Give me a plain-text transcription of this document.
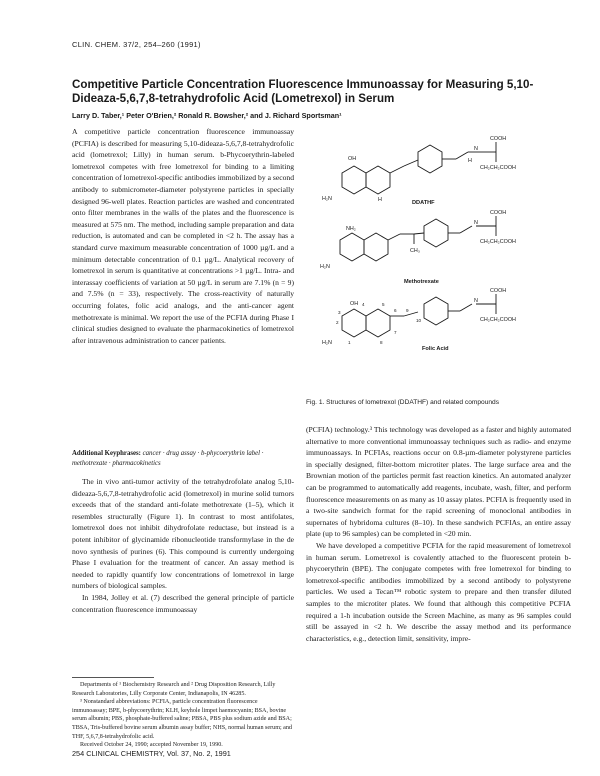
CLIN. CHEM. 37/2, 254–260 (1991)
Competitive Particle Concentration Fluorescence Immunoassay for Measuring 5,10-Dideaza-5,6,7,8-tetrahydrofolic Acid (Lometrexol) in Serum
Larry D. Taber,¹ Peter O'Brien,² Ronald R. Bowsher,² and J. Richard Sportsman¹
A competitive particle concentration fluorescence immunoassay (PCFIA) is described for measuring 5,10-dideaza-5,6,7,8-tetrahydrofolic acid (lometrexol; Lilly) in human serum. b-Phycoerythrin-labeled lometrexol competes with free lometrexol for binding to a limiting concentration of lometrexol-specific antibodies immobilized by a second antibody to submicrometer-diameter polystyrene particles in specially designed 96-well plates. Reaction particles are washed and concentrated onto filter membranes in the walls of the plates and the fluorescence is measured at 575 nm. The method, including sample preparation and data reduction, is automated and can be completed in <2 h. The assay has a standard curve maximum measurable concentration of 1000 µg/L and a minimum detectable concentration of 0.1 µg/L. Analytical recovery of lometrexol in serum is quantitative at concentrations >1 µg/L. Intra- and interassay coefficients of variation at 50 µg/L in serum are 7.1% (n = 9) and 7.5% (n = 33), respectively. The cross-reactivity of naturally occurring folates, folic acid analogs, and the anti-cancer agent methotrexate is minimal. We report the use of the PCFIA during Phase I clinical studies designed to evaluate the pharmacokinetics of lometrexol after intravenous administration to cancer patients.
Additional Keyphrases: cancer · drug assay · b-phycoerythrin label · methotrexate · pharmacokinetics

The in vivo anti-tumor activity of the tetrahydrofolate analog 5,10-dideaza-5,6,7,8-tetrahydrofolic acid (lometrexol) in murine solid tumors exceeds that of the standard anti-folate methotrexate (1–5), which it resembles structurally (Figure 1). In contrast to most antifolates, lometrexol does not inhibit dihydrofolate reductase, but instead is a potent inhibitor of glycinamide ribonucleotide transformylase in the de novo synthesis of purines (6). This compound is currently undergoing Phase I evaluation for the treatment of cancer. An assay method is needed to rapidly quantify low concentrations of lometrexol in large numbers of biological samples.

In 1984, Jolley et al. (7) described the general principle of particle concentration fluorescence immunoassay

Departments of ¹ Biochemistry Research and ² Drug Disposition Research, Lilly Research Laboratories, Lilly Corporate Center, Indianapolis, IN 46285.

³ Nonstandard abbreviations: PCFIA, particle concentration fluorescence immunoassay; BPE, b-phycoerythrin; KLH, keyhole limpet haemocyanin; BSA, bovine serum albumin; PBS, phosphate-buffered saline; PBSA, PBS plus sodium azide and BSA; TBSA, Tris-buffered bovine serum albumin assay buffer; NHS, normal human serum; and THF, 5,6,7,8-tetrahydrofolic acid.

Received October 24, 1990; accepted November 19, 1990.

254 CLINICAL CHEMISTRY, Vol. 37, No. 2, 1991
COOH
N
CH₂CH₂COOH
H
OH
H₂N	H	DDATHF
COOH
N
CH₂CH₂COOH
NH₂
H₂N
CH₃
Methotrexate
COOH
N
CH₂CH₂COOH
OH
H₂N
4	5
6
7
8
9
10
2
1
3
Folic Acid
Fig. 1. Structures of lometrexol (DDATHF) and related compounds

(PCFIA) technology.³ This technology was developed as a faster and highly automated alternative to more conventional immunoassay techniques such as radio- and enzyme immunoassays. In PCFIAs, reactions occur on 0.8-µm-diameter polystyrene particles in specially designed, filter-bottom microtiter plates. The large surface area and the Brownian motion of the particles permit fast reaction kinetics. An automated analyzer can be programmed to automatically add reagents, incubate, wash, filter, and perform fluorescence measurements on as many as 10 assay plates. PCFIA is frequently used in a two-site sandwich format for the rapid screening of monoclonal antibodies in supernates of hybridoma cultures (8–10). In these sandwich PCFIAs, an entire assay plate (up to 96 samples) can be completed in <20 min.

We have developed a competitive PCFIA for the rapid measurement of lometrexol in human serum. Lometrexol is covalently attached to the fluorescent protein b-phycoerythrin (BPE). The conjugate competes with free lometrexol for binding to lometrexol-specific antibodies immobilized by a second antibody to polystyrene particles. We used a Tecan™ robotic system to prepare and then transfer diluted samples to the microtiter plates. We found that although this competitive PCFIA required a 1-h incubation outside the Screen Machine, as many as 96 samples could still be assayed in <2 h. We describe the assay method and its performance characteristics, e.g., detection limit, sensitivity, impre-
